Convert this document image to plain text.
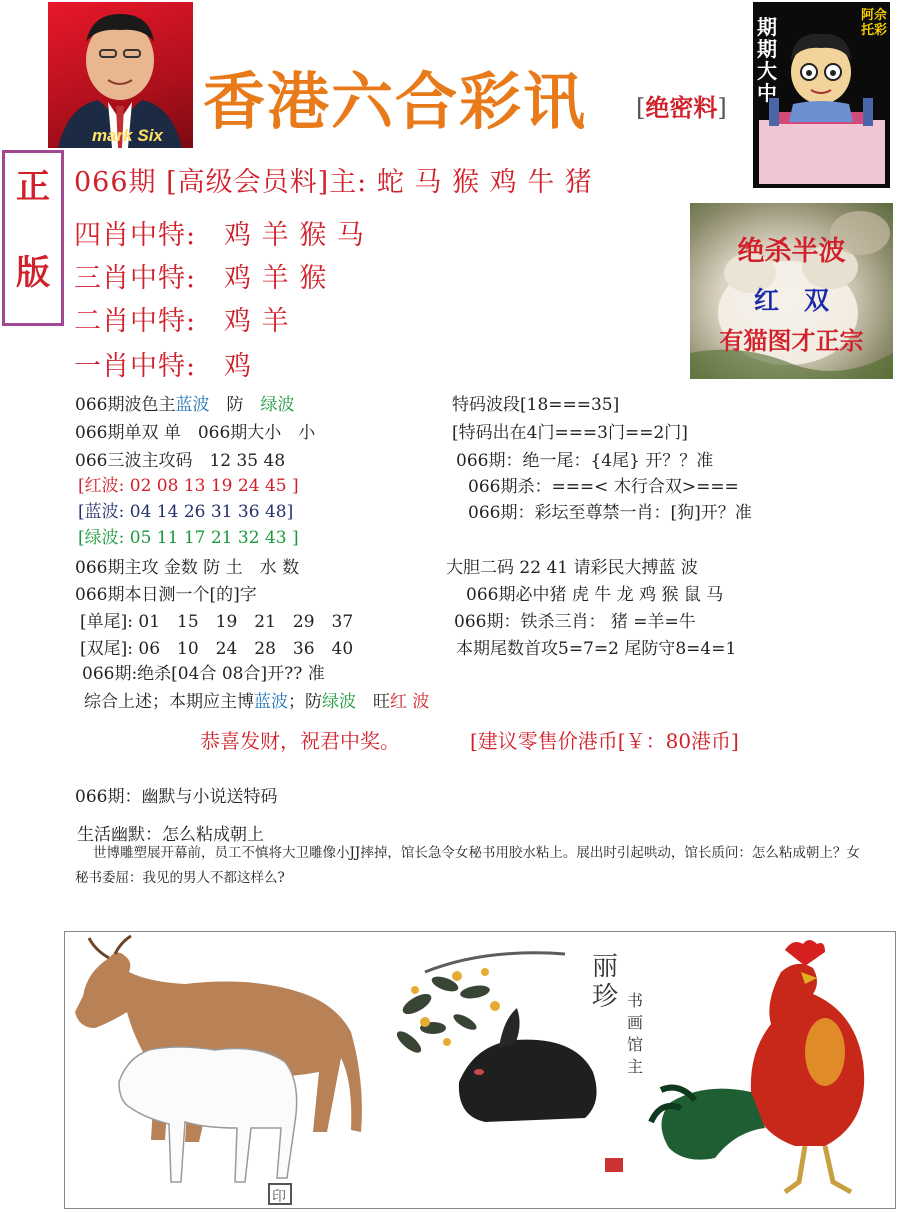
mark Six 香港六合彩讯 [绝密料]
期期大中
阿佘托彩
正
版
066期 [高级会员料]主: 蛇 马 猴 鸡 牛 猪
四肖中特:　鸡 羊 猴 马
三肖中特:　鸡 羊 猴
二肖中特:　鸡 羊
一肖中特:　鸡
绝杀半波
红　双
有猫图才正宗
066期波色主蓝波　防　绿波
066期单双 单　066期大小　小
066三波主攻码　12 35 48
[红波: 02 08 13 19 24 45 ]
[蓝波: 04 14 26 31 36 48]
[绿波: 05 11 17 21 32 43 ]
066期主攻 金数 防 土　水 数
066期本日测一个[的]字
[单尾]: 01　15　19　21　29　37
[双尾]: 06　10　24　28　36　40
066期:绝杀[04合 08合]开?? 准
综合上述；本期应主博蓝波；防绿波　旺红 波
特码波段[18===35]
[特码出在4门===3门==2门]
066期：绝一尾：{4尾} 开？？准
066期杀：===< 木行合双>===
066期：彩坛至尊禁一肖：[狗]开？准
大胆二码 22 41 请彩民大搏蓝 波
066期必中猪 虎 牛 龙 鸡 猴 鼠 马
066期：铁杀三肖： 猪 =羊=牛
本期尾数首攻5=7=2 尾防守8=4=1
恭喜发财，祝君中奖。	[建议零售价港币[￥：80港币]
066期：幽默与小说送特码
生活幽默：怎么粘成朝上
世博雕塑展开幕前，员工不慎将大卫雕像小JJ摔掉，馆长急令女秘书用胶水粘上。展出时引起哄动，馆长质问：怎么粘成朝上？女秘书委屈：我见的男人不都这样么?
丽珍 书画馆主
印
